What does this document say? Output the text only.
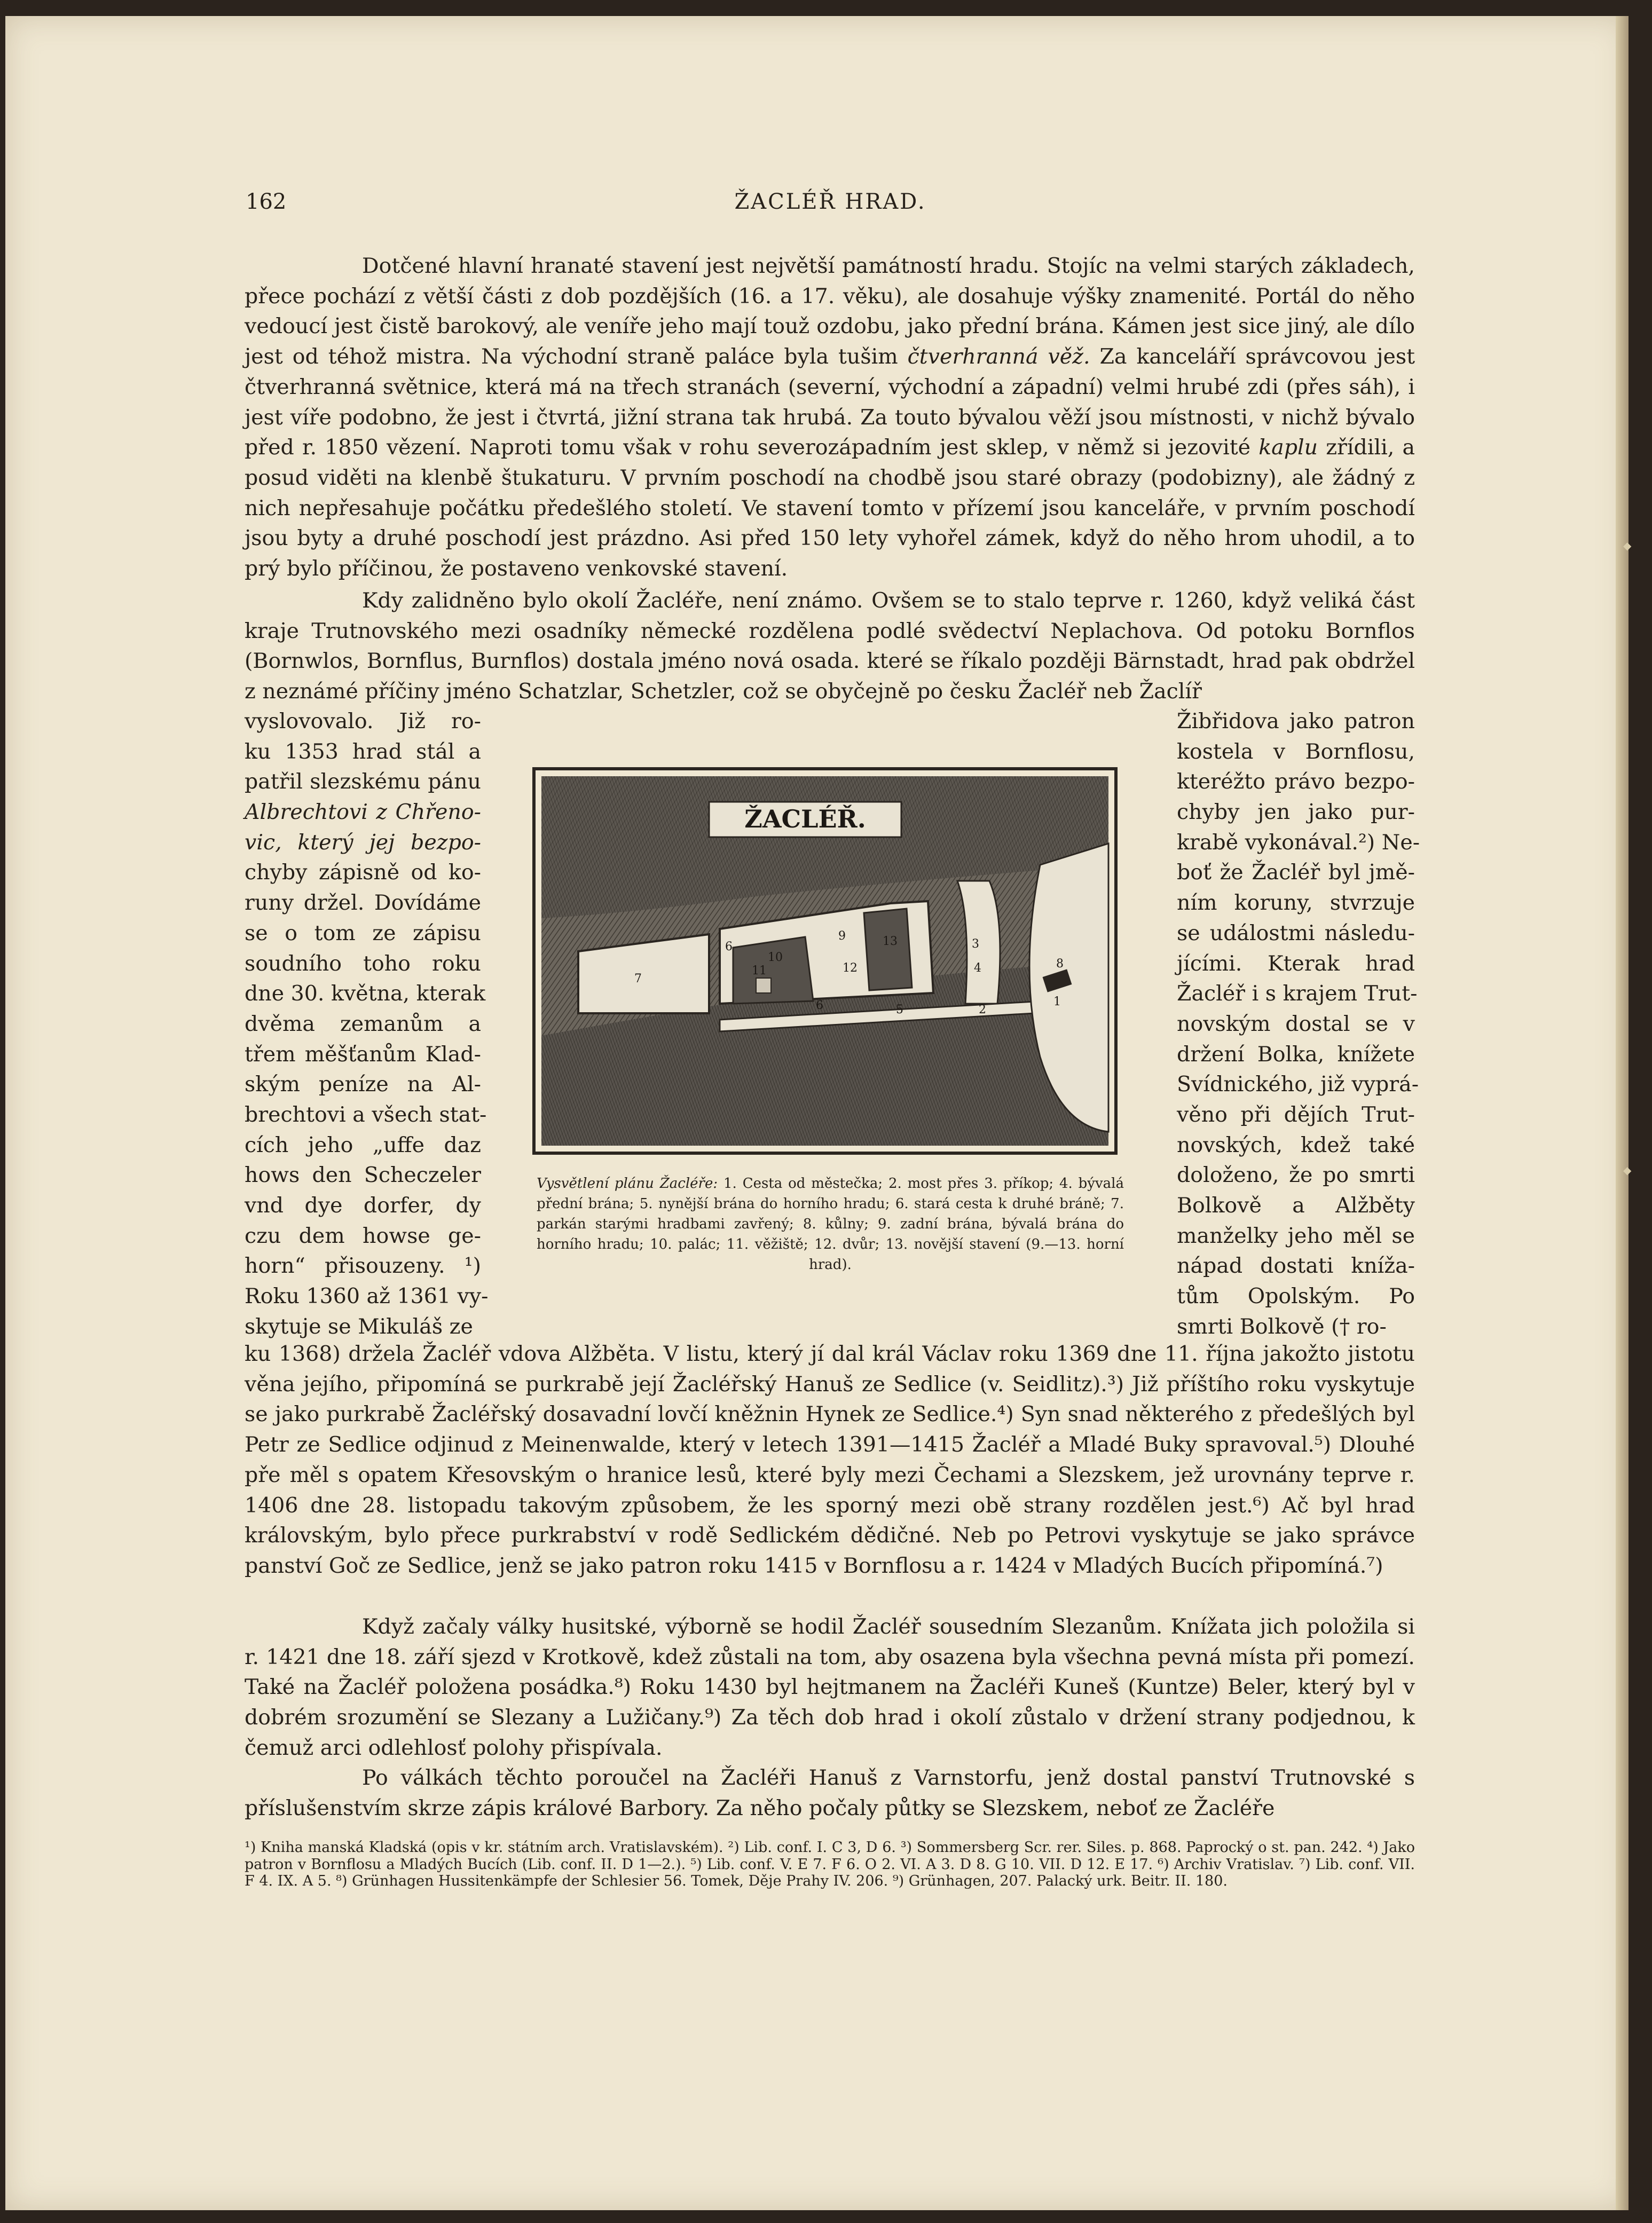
162	ŽACLÉŘ HRAD.

Dotčené hlavní hranaté stavení jest největší památností hradu. Stojíc na velmi starých základech, přece pochází z větší části z dob pozdějších (16. a 17. věku), ale dosahuje výšky znamenité. Portál do něho vedoucí jest čistě barokový, ale veníře jeho mají touž ozdobu, jako přední brána. Kámen jest sice jiný, ale dílo jest od téhož mistra. Na východní straně paláce byla tušim čtverhranná věž. Za kanceláří správcovou jest čtverhranná světnice, která má na třech stranách (severní, východní a západní) velmi hrubé zdi (přes sáh), i jest víře podobno, že jest i čtvrtá, jižní strana tak hrubá. Za touto bývalou věží jsou místnosti, v nichž bývalo před r. 1850 vězení. Naproti tomu však v rohu severozápadním jest sklep, v němž si jezovité kaplu zřídili, a posud viděti na klenbě štukaturu. V prvním poschodí na chodbě jsou staré obrazy (podobizny), ale žádný z nich nepřesahuje počátku předešlého století. Ve stavení tomto v přízemí jsou kanceláře, v prvním poschodí jsou byty a druhé poschodí jest prázdno. Asi před 150 lety vyhořel zámek, když do něho hrom uhodil, a to prý bylo příčinou, že postaveno venkovské stavení.

Kdy zalidněno bylo okolí Žacléře, není známo. Ovšem se to stalo teprve r. 1260, když veliká část kraje Trutnovského mezi osadníky německé rozdělena podlé svědectví Neplachova. Od potoku Bornflos (Bornwlos, Bornflus, Burnflos) dostala jméno nová osada. které se říkalo později Bärnstadt, hrad pak obdržel z neznámé příčiny jméno Schatzlar, Schetzler, což se obyčejně po česku Žacléř neb Žaclíř

vyslovovalo. Již ro-
ku 1353 hrad stál a
patřil slezskému pánu
Albrechtovi z Chřeno-
vic, který jej bezpo-
chyby zápisně od ko-
runy držel. Dovídáme
se o tom ze zápisu
soudního toho roku
dne 30. května, kterak
dvěma zemanům a
třem měšťanům Klad-
ským peníze na Al-
brechtovi a všech stat-
cích jeho „uffe daz
hows den Scheczeler
vnd dye dorfer, dy
czu dem howse ge-
horn“ přisouzeny. ¹)
Roku 1360 až 1361 vy-
skytuje se Mikuláš ze
Žibřidova jako patron
kostela v Bornflosu,
kteréžto právo bezpo-
chyby jen jako pur-
krabě vykonával.²) Ne-
boť že Žacléř byl jmě-
ním koruny, stvrzuje
se událostmi následu-
jícími. Kterak hrad
Žacléř i s krajem Trut-
novským dostal se v
držení Bolka, knížete
Svídnického, již vyprá-
věno při dějích Trut-
novských, kdež také
doloženo, že po smrti
Bolkově a Alžběty
manželky jeho měl se
nápad dostati kníža-
tům Opolským. Po
smrti Bolkově († ro-
ŽACLÉŘ.
1
2
3
4
5
6
6
7
8
9
10
11	12
13
Vysvětlení plánu Žacléře: 1. Cesta od městečka; 2. most přes 3. příkop; 4. bývalá přední brána; 5. nynější brána do horního hradu; 6. stará cesta k druhé bráně; 7. parkán starými hradbami zavřený; 8. kůlny; 9. zadní brána, bývalá brána do horního hradu; 10. palác; 11. věžiště; 12. dvůr; 13. novější stavení (9.—13. horní hrad).

ku 1368) držela Žacléř vdova Alžběta. V listu, který jí dal král Václav roku 1369 dne 11. října jakožto jistotu věna jejího, připomíná se purkrabě její Žacléřský Hanuš ze Sedlice (v. Seidlitz).³) Již příštího roku vyskytuje se jako purkrabě Žacléřský dosavadní lovčí kněžnin Hynek ze Sedlice.⁴) Syn snad některého z předešlých byl Petr ze Sedlice odjinud z Meinenwalde, který v letech 1391—1415 Žacléř a Mladé Buky spravoval.⁵) Dlouhé pře měl s opatem Křesovským o hranice lesů, které byly mezi Čechami a Slezskem, jež urovnány teprve r. 1406 dne 28. listopadu takovým způsobem, že les sporný mezi obě strany rozdělen jest.⁶) Ač byl hrad královským, bylo přece purkrabství v rodě Sedlickém dědičné. Neb po Petrovi vyskytuje se jako správce panství Goč ze Sedlice, jenž se jako patron roku 1415 v Bornflosu a r. 1424 v Mladých Bucích připomíná.⁷)

Když začaly války husitské, výborně se hodil Žacléř sousedním Slezanům. Knížata jich položila si r. 1421 dne 18. září sjezd v Krotkově, kdež zůstali na tom, aby osazena byla všechna pevná místa při pomezí. Také na Žacléř položena posádka.⁸) Roku 1430 byl hejtmanem na Žacléři Kuneš (Kuntze) Beler, který byl v dobrém srozumění se Slezany a Lužičany.⁹) Za těch dob hrad i okolí zůstalo v držení strany podjednou, k čemuž arci odlehlosť polohy přispívala.

Po válkách těchto poroučel na Žacléři Hanuš z Varnstorfu, jenž dostal panství Trutnovské s příslušenstvím skrze zápis králové Barbory. Za něho počaly půtky se Slezskem, neboť ze Žacléře

¹) Kniha manská Kladská (opis v kr. státním arch. Vratislavském). ²) Lib. conf. I. C 3, D 6. ³) Sommersberg Scr. rer. Siles. p. 868. Paprocký o st. pan. 242. ⁴) Jako patron v Bornflosu a Mladých Bucích (Lib. conf. II. D 1—2.). ⁵) Lib. conf. V. E 7. F 6. O 2. VI. A 3. D 8. G 10. VII. D 12. E 17. ⁶) Archiv Vratislav. ⁷) Lib. conf. VII. F 4. IX. A 5. ⁸) Grünhagen Hussitenkämpfe der Schlesier 56. Tomek, Děje Prahy IV. 206. ⁹) Grünhagen, 207. Palacký urk. Beitr. II. 180.
◆
◆
